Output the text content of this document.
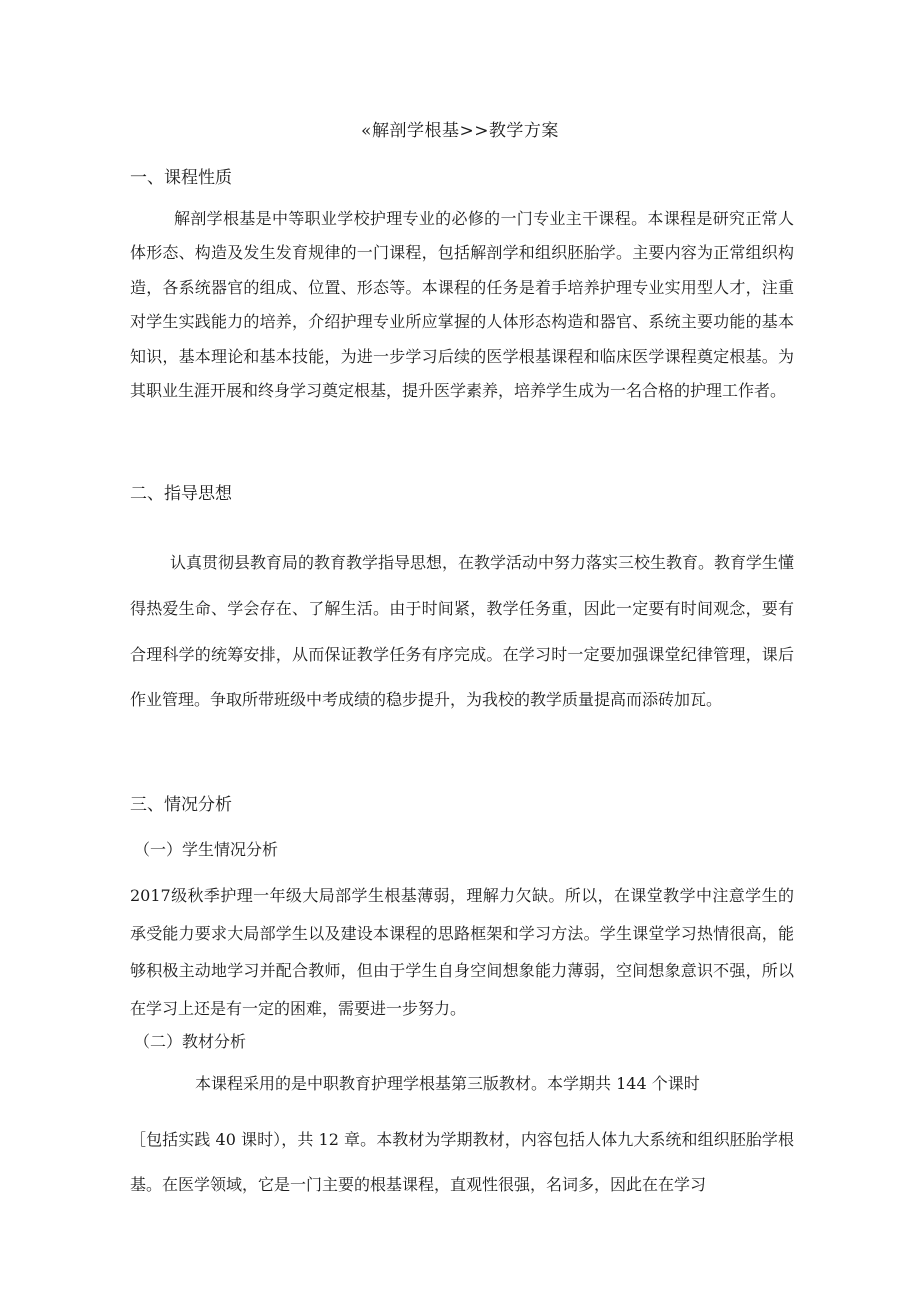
«解剖学根基>>教学方案
一、课程性质

解剖学根基是中等职业学校护理专业的必修的一门专业主干课程。本课程是研究正常人体形态、构造及发生发育规律的一门课程，包括解剖学和组织胚胎学。主要内容为正常组织构造，各系统器官的组成、位置、形态等。本课程的任务是着手培养护理专业实用型人才，注重对学生实践能力的培养，介绍护理专业所应掌握的人体形态构造和器官、系统主要功能的基本知识，基本理论和基本技能，为进一步学习后续的医学根基课程和临床医学课程奠定根基。为其职业生涯开展和终身学习奠定根基，提升医学素养，培养学生成为一名合格的护理工作者。

二、指导思想

认真贯彻县教育局的教育教学指导思想，在教学活动中努力落实三校生教育。教育学生懂得热爱生命、学会存在、了解生活。由于时间紧，教学任务重，因此一定要有时间观念，要有合理科学的统筹安排，从而保证教学任务有序完成。在学习时一定要加强课堂纪律管理，课后作业管理。争取所带班级中考成绩的稳步提升，为我校的教学质量提高而添砖加瓦。

三、情况分析
（一）学生情况分析

2017级秋季护理一年级大局部学生根基薄弱，理解力欠缺。所以，在课堂教学中注意学生的承受能力要求大局部学生以及建设本课程的思路框架和学习方法。学生课堂学习热情很高，能够积极主动地学习并配合教师，但由于学生自身空间想象能力薄弱，空间想象意识不强，所以在学习上还是有一定的困难，需要进一步努力。

（二）教材分析

本课程采用的是中职教育护理学根基第三版教材。本学期共 144 个课时

［包括实践 40 课时），共 12 章。本教材为学期教材，内容包括人体九大系统和组织胚胎学根基。在医学领域，它是一门主要的根基课程，直观性很强，名词多，因此在在学习
